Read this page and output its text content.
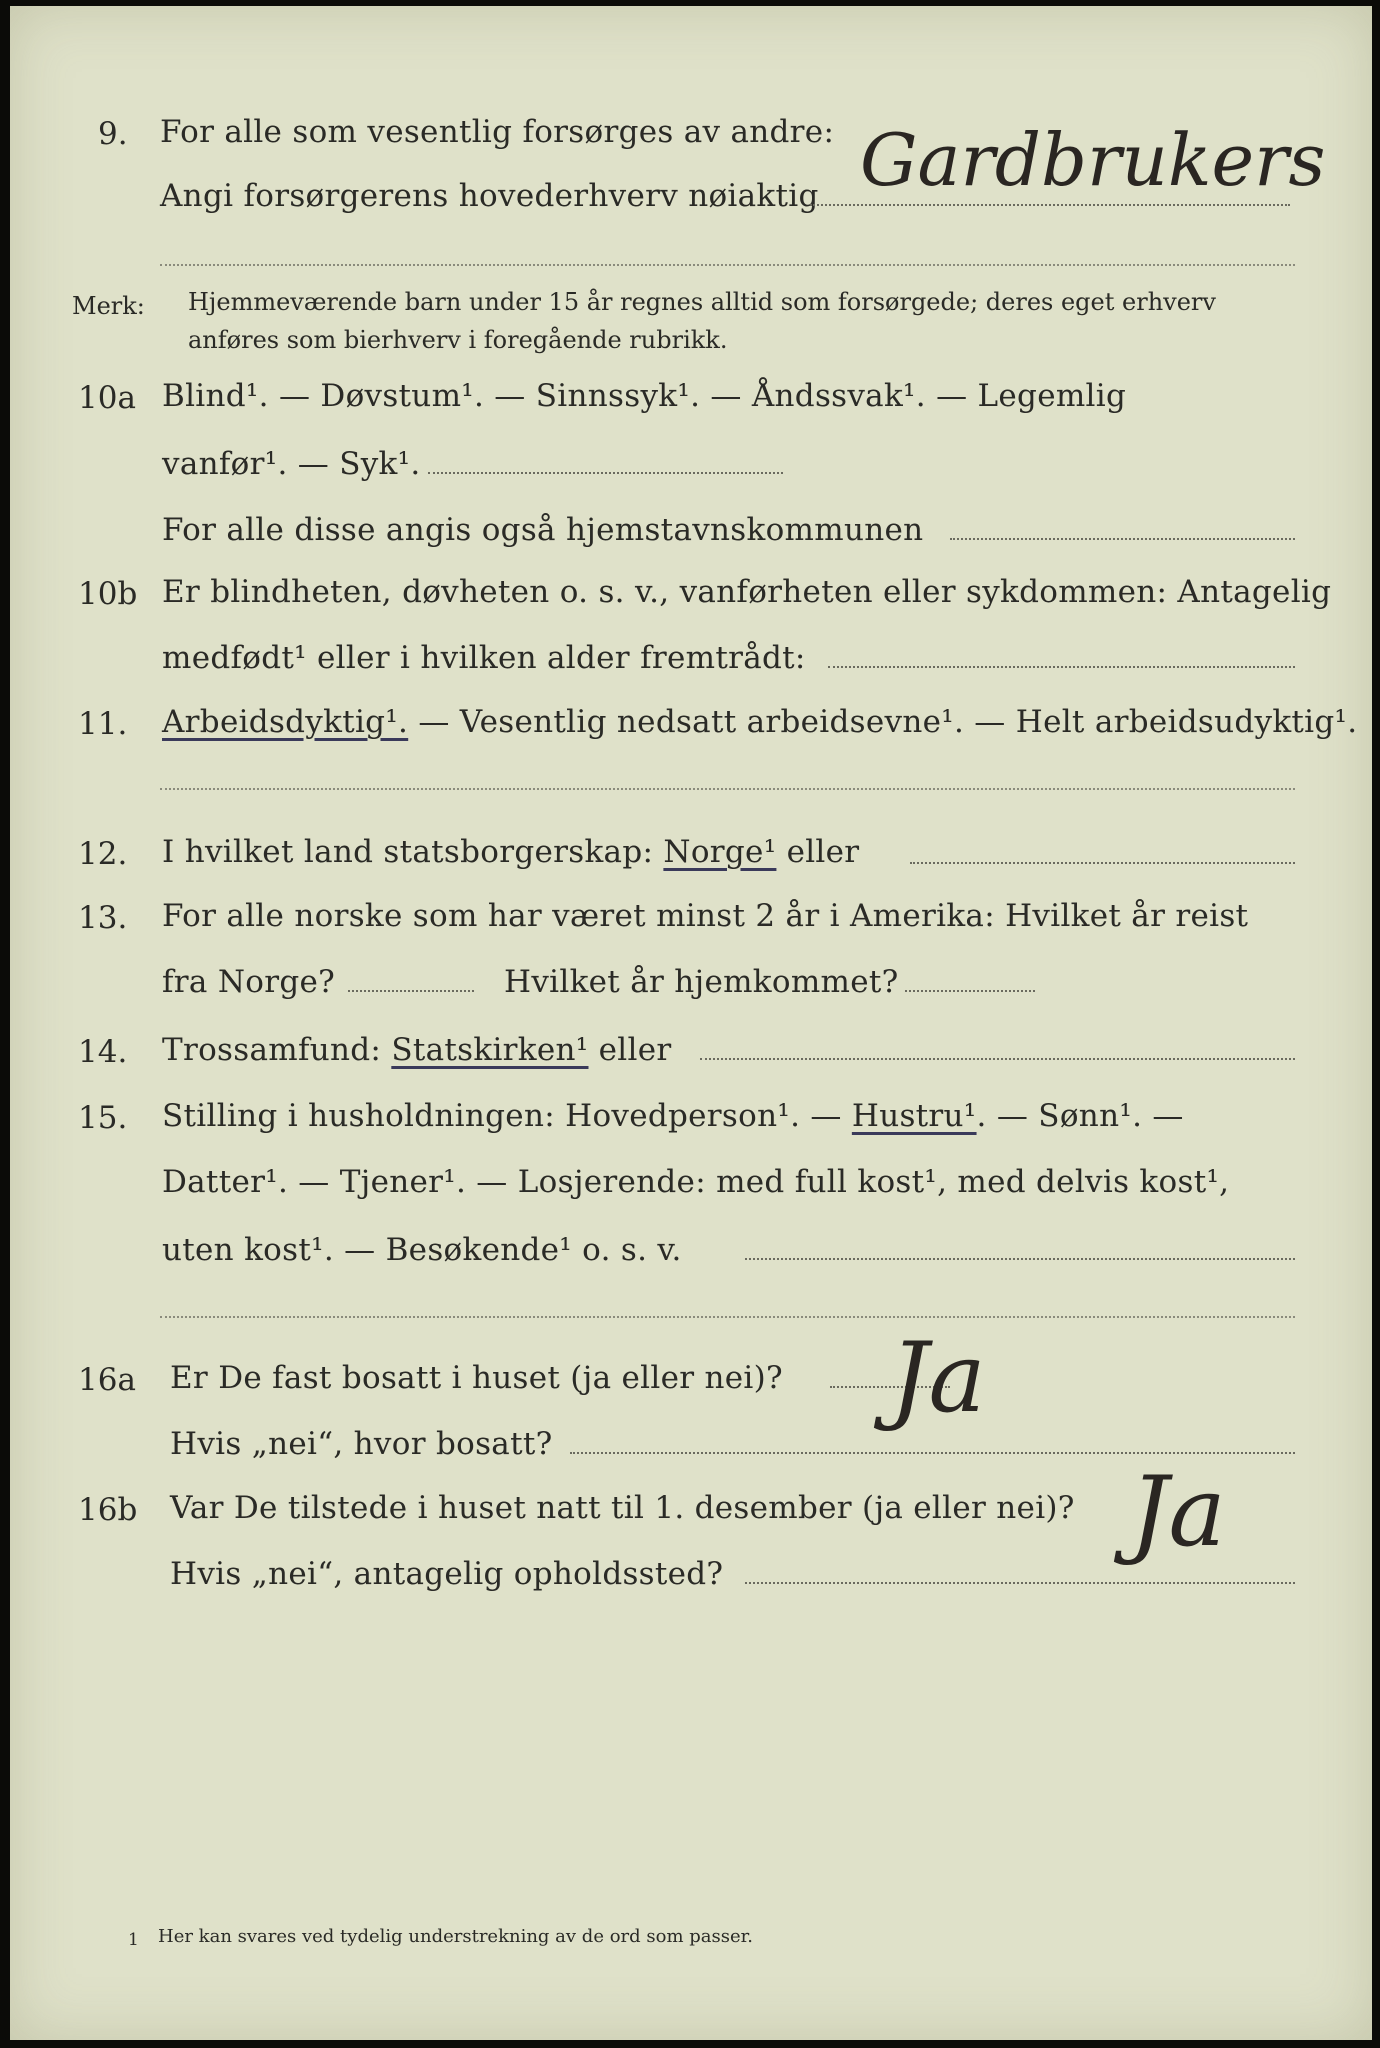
9. For alle som vesentlig forsørges av andre:
Angi forsørgerens hovederhverv nøiaktig Gardbrukers
Merk: Hjemmeværende barn under 15 år regnes alltid som forsørgede; deres eget erhverv
anføres som bierhverv i foregående rubrikk.
10a Blind¹. — Døvstum¹. — Sinnssyk¹. — Åndssvak¹. — Legemlig
vanfør¹. — Syk¹.
For alle disse angis også hjemstavnskommunen
10b Er blindheten, døvheten o. s. v., vanførheten eller sykdommen: Antagelig
medfødt¹ eller i hvilken alder fremtrådt:
11. Arbeidsdyktig¹. — Vesentlig nedsatt arbeidsevne¹. — Helt arbeidsudyktig¹.
12. I hvilket land statsborgerskap: Norge¹ eller
13. For alle norske som har været minst 2 år i Amerika: Hvilket år reist
fra Norge?	Hvilket år hjemkommet?
14. Trossamfund: Statskirken¹ eller
15. Stilling i husholdningen: Hovedperson¹. — Hustru¹. — Sønn¹. —
Datter¹. — Tjener¹. — Losjerende: med full kost¹, med delvis kost¹,
uten kost¹. — Besøkende¹ o. s. v.
16a Er De fast bosatt i huset (ja eller nei)? Ja
Hvis „nei“, hvor bosatt?
16b Var De tilstede i huset natt til 1. desember (ja eller nei)? Ja
Hvis „nei“, antagelig opholdssted?
1 Her kan svares ved tydelig understrekning av de ord som passer.
